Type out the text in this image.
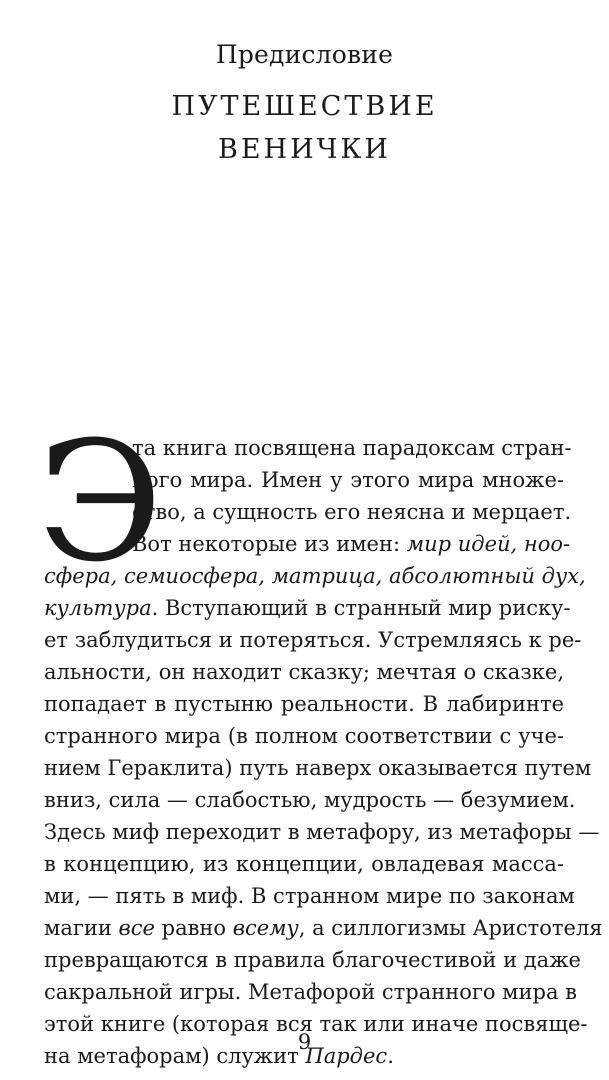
Предисловие
ПУТЕШЕСТВИЕ
ВЕНИЧКИ
Э
та книга посвящена парадоксам стран-
ного мира. Имен у этого мира множе-
ство, а сущность его неясна и мерцает.
Вот некоторые из имен: мир идей, ноо-
сфера, семиосфера, матрица, абсолютный дух,
культура. Вступающий в странный мир риску-
ет заблудиться и потеряться. Устремляясь к ре-
альности, он находит сказку; мечтая о сказке,
попадает в пустыню реальности. В лабиринте
странного мира (в полном соответствии с уче-
нием Гераклита) путь наверх оказывается путем
вниз, сила — слабостью, мудрость — безумием.
Здесь миф переходит в метафору, из метафоры —
в концепцию, из концепции, овладевая масса-
ми, — пять в миф. В странном мире по законам
магии все равно всему, а силлогизмы Аристотеля
превращаются в правила благочестивой и даже
сакральной игры. Метафорой странного мира в
этой книге (которая вся так или иначе посвяще-
на метафорам) служит Пардес.
9
